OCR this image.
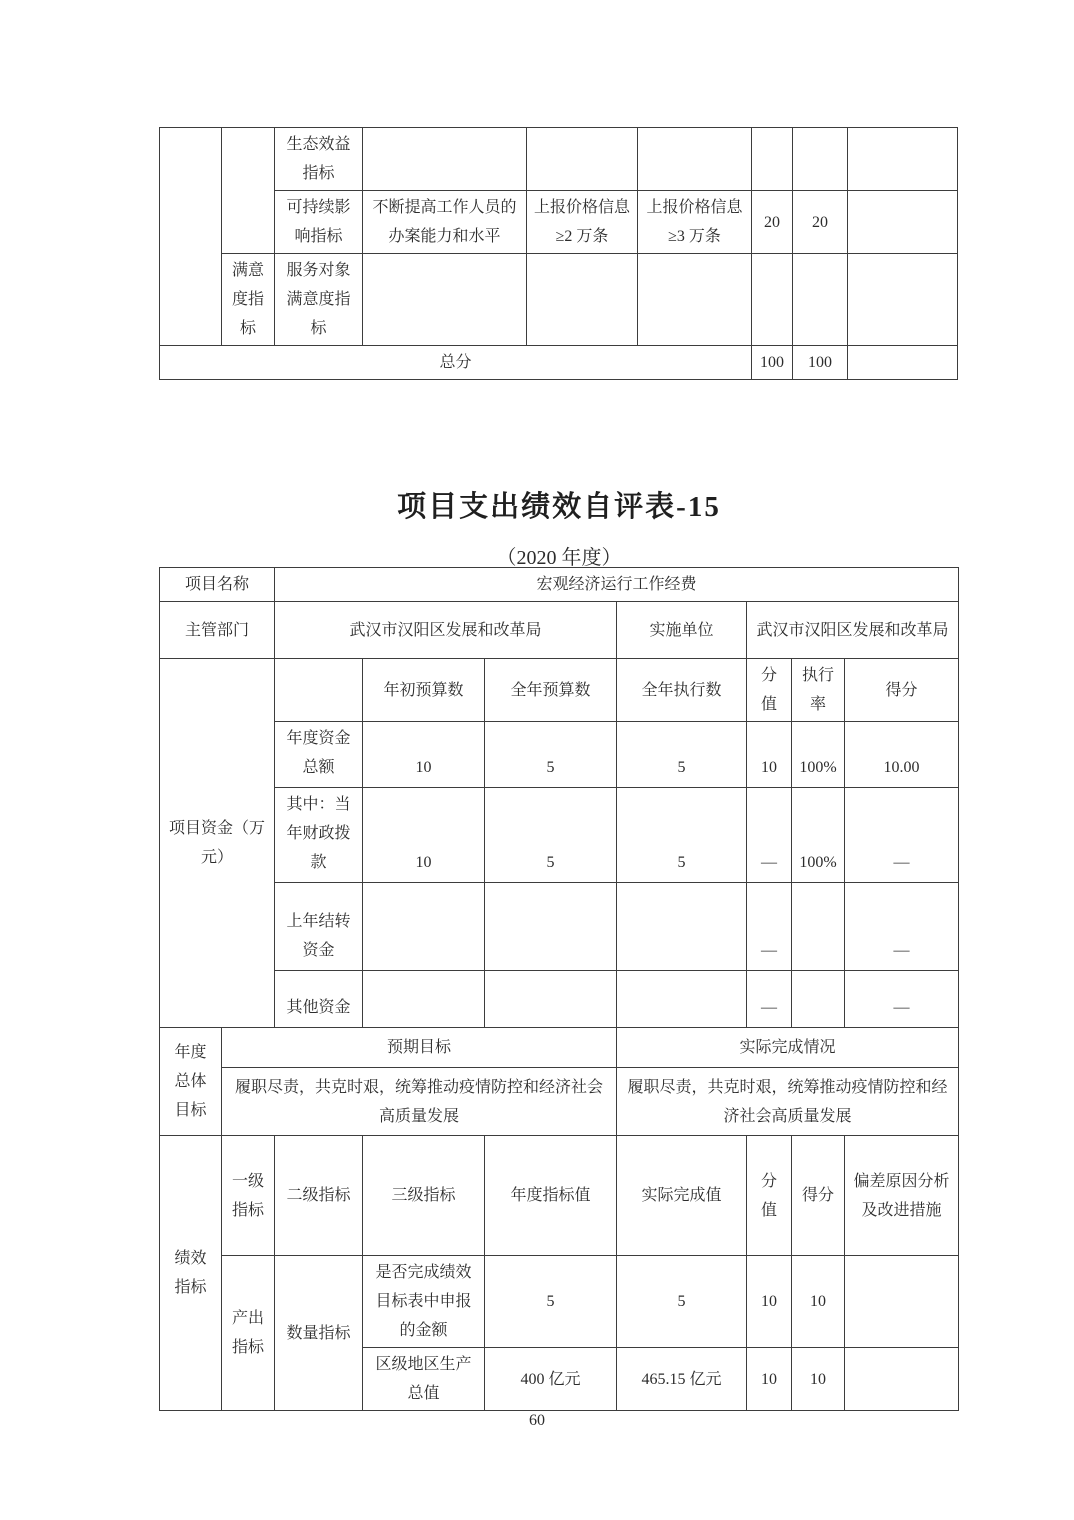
		生态效益指标						
		可持续影响指标	不断提高工作人员的办案能力和水平	上报价格信息≥2 万条	上报价格信息≥3 万条	20	20	
	满意度指标	服务对象满意度指标						
总分						100	100	
项目支出绩效自评表-15
（2020 年度）
项目名称		宏观经济运行工作经费						
主管部门		武汉市汉阳区发展和改革局			实施单位	武汉市汉阳区发展和改革局		
项目资金（万元）			年初预算数	全年预算数	全年执行数	分值	执行率	得分
		年度资金总额	10	5	5	10	100%	10.00
		其中：当年财政拨款	10	5	5	—	100%	—
		上年结转资金				—		—
		其他资金				—		—
年度总体目标	预期目标				实际完成情况			
	履职尽责，共克时艰，统筹推动疫情防控和经济社会高质量发展				履职尽责，共克时艰，统筹推动疫情防控和经济社会高质量发展			
绩效指标	一级指标	二级指标	三级指标	年度指标值	实际完成值	分值	得分	偏差原因分析及改进措施
	产出指标	数量指标	是否完成绩效目标表中申报的金额	5	5	10	10	
			区级地区生产总值	400 亿元	465.15 亿元	10	10	
60
